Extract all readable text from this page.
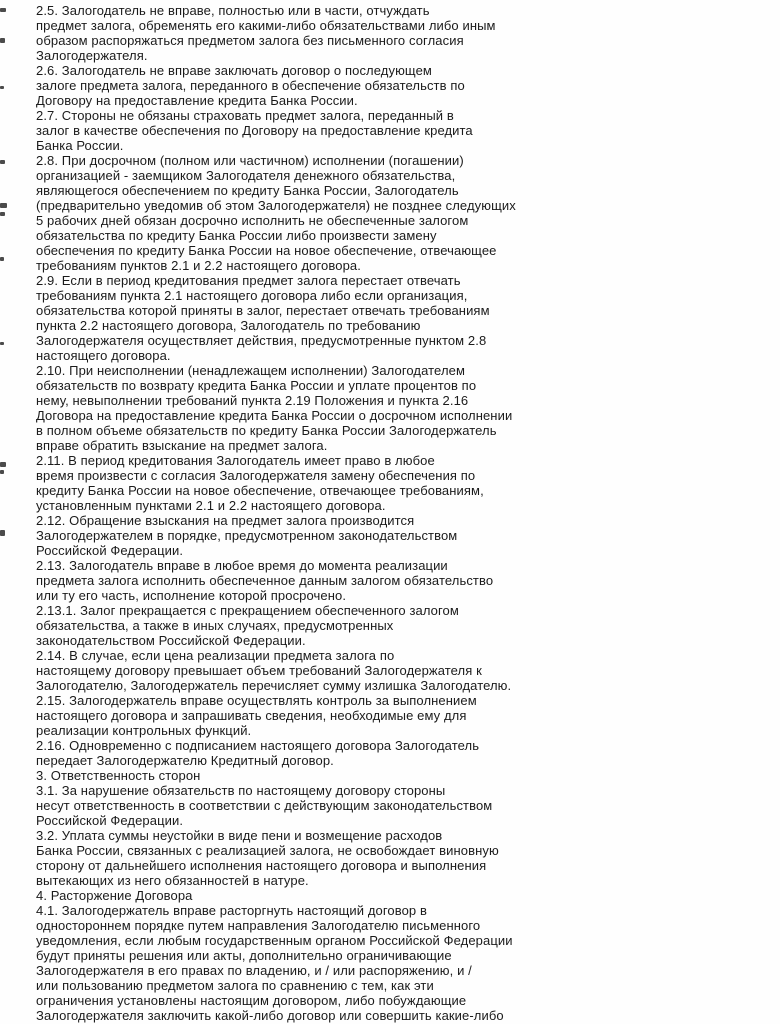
2.5. Залогодатель не вправе, полностью или в части, отчуждать
предмет залога, обременять его какими-либо обязательствами либо иным
образом распоряжаться предметом залога без письменного согласия
Залогодержателя.
2.6. Залогодатель не вправе заключать договор о последующем
залоге предмета залога, переданного в обеспечение обязательств по
Договору на предоставление кредита Банка России.
2.7. Стороны не обязаны страховать предмет залога, переданный в
залог в качестве обеспечения по Договору на предоставление кредита
Банка России.
2.8. При досрочном (полном или частичном) исполнении (погашении)
организацией - заемщиком Залогодателя денежного обязательства,
являющегося обеспечением по кредиту Банка России, Залогодатель
(предварительно уведомив об этом Залогодержателя) не позднее следующих
5 рабочих дней обязан досрочно исполнить не обеспеченные залогом
обязательства по кредиту Банка России либо произвести замену
обеспечения по кредиту Банка России на новое обеспечение, отвечающее
требованиям пунктов 2.1 и 2.2 настоящего договора.
2.9. Если в период кредитования предмет залога перестает отвечать
требованиям пункта 2.1 настоящего договора либо если организация,
обязательства которой приняты в залог, перестает отвечать требованиям
пункта 2.2 настоящего договора, Залогодатель по требованию
Залогодержателя осуществляет действия, предусмотренные пунктом 2.8
настоящего договора.
2.10. При неисполнении (ненадлежащем исполнении) Залогодателем
обязательств по возврату кредита Банка России и уплате процентов по
нему, невыполнении требований пункта 2.19 Положения и пункта 2.16
Договора на предоставление кредита Банка России о досрочном исполнении
в полном объеме обязательств по кредиту Банка России Залогодержатель
вправе обратить взыскание на предмет залога.
2.11. В период кредитования Залогодатель имеет право в любое
время произвести с согласия Залогодержателя замену обеспечения по
кредиту Банка России на новое обеспечение, отвечающее требованиям,
установленным пунктами 2.1 и 2.2 настоящего договора.
2.12. Обращение взыскания на предмет залога производится
Залогодержателем в порядке, предусмотренном законодательством
Российской Федерации.
2.13. Залогодатель вправе в любое время до момента реализации
предмета залога исполнить обеспеченное данным залогом обязательство
или ту его часть, исполнение которой просрочено.
2.13.1. Залог прекращается с прекращением обеспеченного залогом
обязательства, а также в иных случаях, предусмотренных
законодательством Российской Федерации.
2.14. В случае, если цена реализации предмета залога по
настоящему договору превышает объем требований Залогодержателя к
Залогодателю, Залогодержатель перечисляет сумму излишка Залогодателю.
2.15. Залогодержатель вправе осуществлять контроль за выполнением
настоящего договора и запрашивать сведения, необходимые ему для
реализации контрольных функций.
2.16. Одновременно с подписанием настоящего договора Залогодатель
передает Залогодержателю Кредитный договор.
3. Ответственность сторон
3.1. За нарушение обязательств по настоящему договору стороны
несут ответственность в соответствии с действующим законодательством
Российской Федерации.
3.2. Уплата суммы неустойки в виде пени и возмещение расходов
Банка России, связанных с реализацией залога, не освобождает виновную
сторону от дальнейшего исполнения настоящего договора и выполнения
вытекающих из него обязанностей в натуре.
4. Расторжение Договора
4.1. Залогодержатель вправе расторгнуть настоящий договор в
одностороннем порядке путем направления Залогодателю письменного
уведомления, если любым государственным органом Российской Федерации
будут приняты решения или акты, дополнительно ограничивающие
Залогодержателя в его правах по владению, и / или распоряжению, и /
или пользованию предметом залога по сравнению с тем, как эти
ограничения установлены настоящим договором, либо побуждающие
Залогодержателя заключить какой-либо договор или совершить какие-либо
